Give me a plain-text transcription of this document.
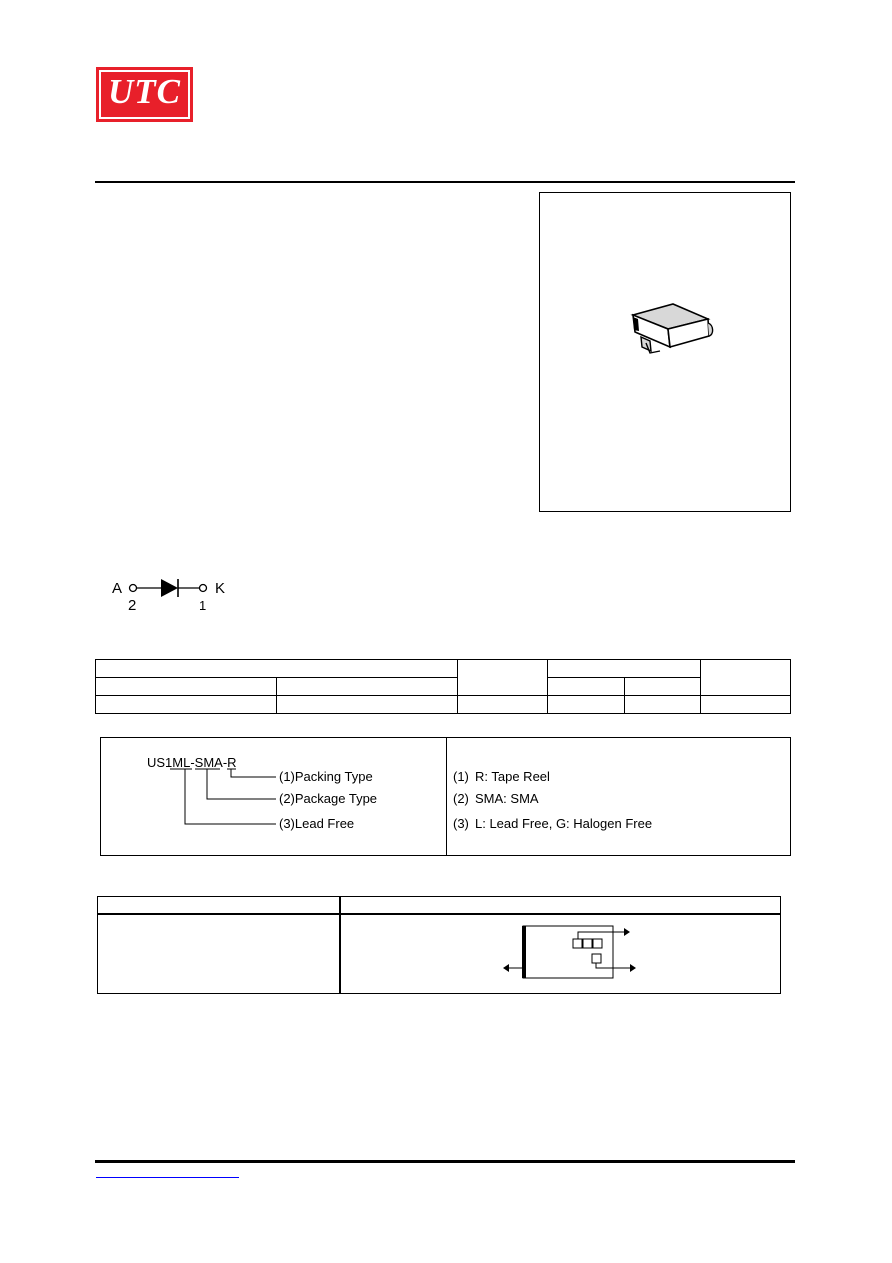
UTC
A	K
2	1

US1ML-SMA-R
(1)Packing Type
(2)Package Type
(3)Lead Free
(1) R: Tape Reel
(2) SMA: SMA
(3) L: Lead Free, G: Halogen Free
